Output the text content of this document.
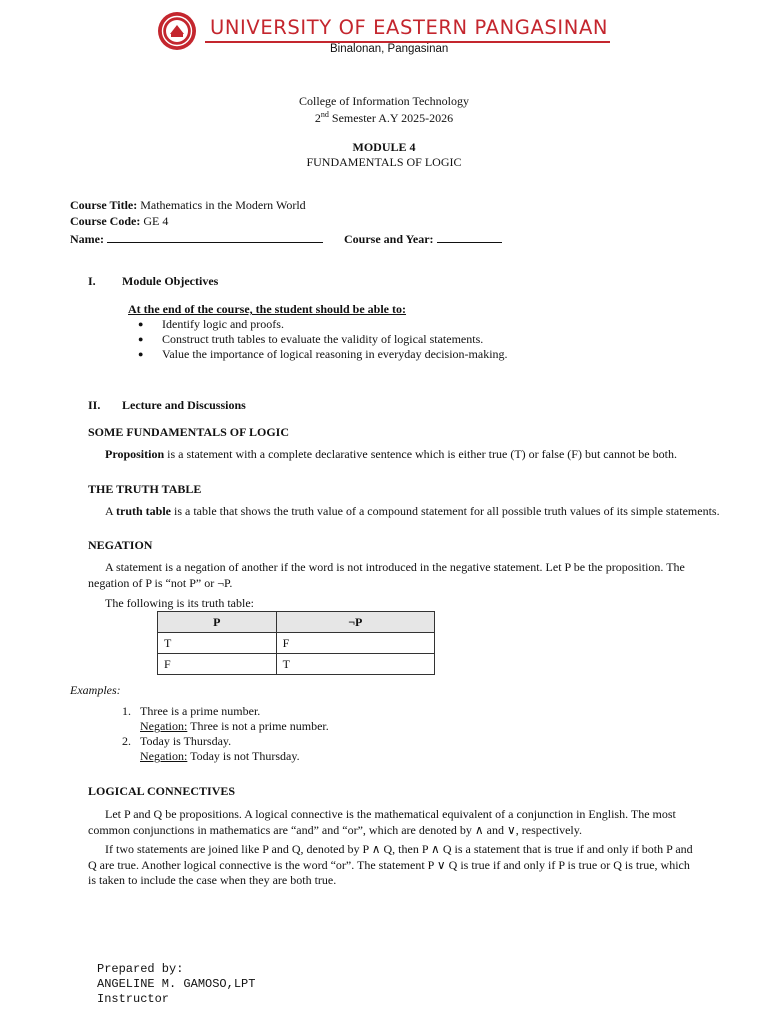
UNIVERSITY OF EASTERN PANGASINAN
Binalonan, Pangasinan
College of Information Technology
2nd Semester A.Y 2025-2026
MODULE 4
FUNDAMENTALS OF LOGIC
Course Title: Mathematics in the Modern World
Course Code: GE 4
Name:	Course and Year:
I. Module Objectives
At the end of the course, the student should be able to:
● Identify logic and proofs.
● Construct truth tables to evaluate the validity of logical statements.
● Value the importance of logical reasoning in everyday decision-making.
II. Lecture and Discussions
SOME FUNDAMENTALS OF LOGIC
Proposition is a statement with a complete declarative sentence which is either true (T) or false (F) but cannot be both.
THE TRUTH TABLE
A truth table is a table that shows the truth value of a compound statement for all possible truth values of its simple statements.
NEGATION
A statement is a negation of another if the word is not introduced in the negative statement. Let P be the proposition. The negation of P is “not P” or ¬P.
The following is its truth table:
P	¬P
T	F
F	T
Examples:
1. Three is a prime number.
Negation: Three is not a prime number.
2. Today is Thursday.
Negation: Today is not Thursday.
LOGICAL CONNECTIVES
Let P and Q be propositions. A logical connective is the mathematical equivalent of a conjunction in English. The most common conjunctions in mathematics are “and” and “or”, which are denoted by ∧ and ∨, respectively.
If two statements are joined like P and Q, denoted by P ∧ Q, then P ∧ Q is a statement that is true if and only if both P and Q are true. Another logical connective is the word “or”. The statement P ∨ Q is true if and only if P is true or Q is true, which is taken to include the case when they are both true.
Prepared by:
ANGELINE M. GAMOSO,LPT
Instructor
